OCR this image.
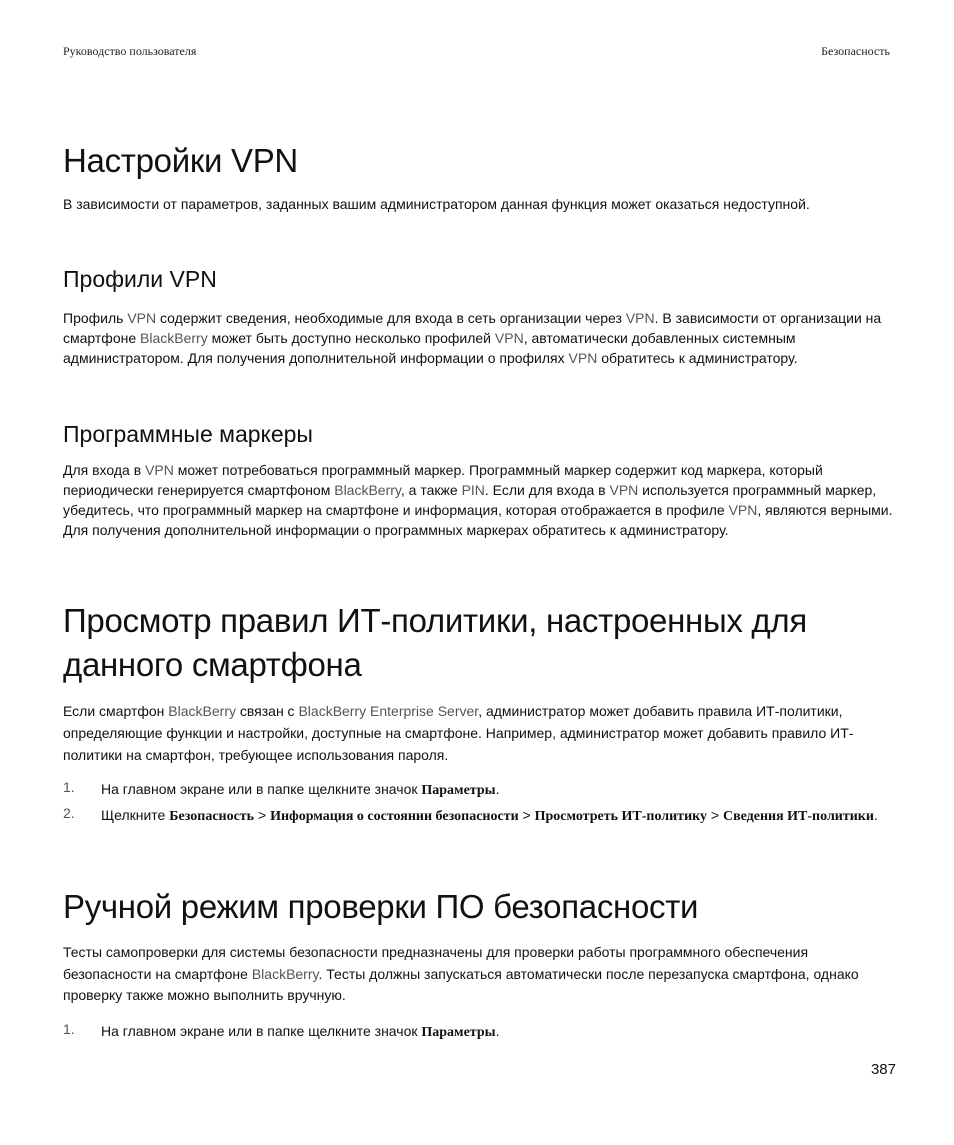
Руководство пользователя	Безопасность
Настройки VPN

В зависимости от параметров, заданных вашим администратором данная функция может оказаться недоступной.

Профили VPN

Профиль VPN содержит сведения, необходимые для входа в сеть организации через VPN. В зависимости от организации на смартфоне BlackBerry может быть доступно несколько профилей VPN, автоматически добавленных системным администратором. Для получения дополнительной информации о профилях VPN обратитесь к администратору.

Программные маркеры

Для входа в VPN может потребоваться программный маркер. Программный маркер содержит код маркера, который периодически генерируется смартфоном BlackBerry, а также PIN. Если для входа в VPN используется программный маркер, убедитесь, что программный маркер на смартфоне и информация, которая отображается в профиле VPN, являются верными. Для получения дополнительной информации о программных маркерах обратитесь к администратору.

Просмотр правил ИТ-политики, настроенных для данного смартфона

Если смартфон BlackBerry связан с BlackBerry Enterprise Server, администратор может добавить правила ИТ-политики, определяющие функции и настройки, доступные на смартфоне. Например, администратор может добавить правило ИТ-политики на смартфон, требующее использования пароля.

1. На главном экране или в папке щелкните значок Параметры.
2. Щелкните Безопасность > Информация о состоянии безопасности > Просмотреть ИТ-политику > Сведения ИТ-политики.
Ручной режим проверки ПО безопасности

Тесты самопроверки для системы безопасности предназначены для проверки работы программного обеспечения безопасности на смартфоне BlackBerry. Тесты должны запускаться автоматически после перезапуска смартфона, однако проверку также можно выполнить вручную.

1. На главном экране или в папке щелкните значок Параметры.
387
